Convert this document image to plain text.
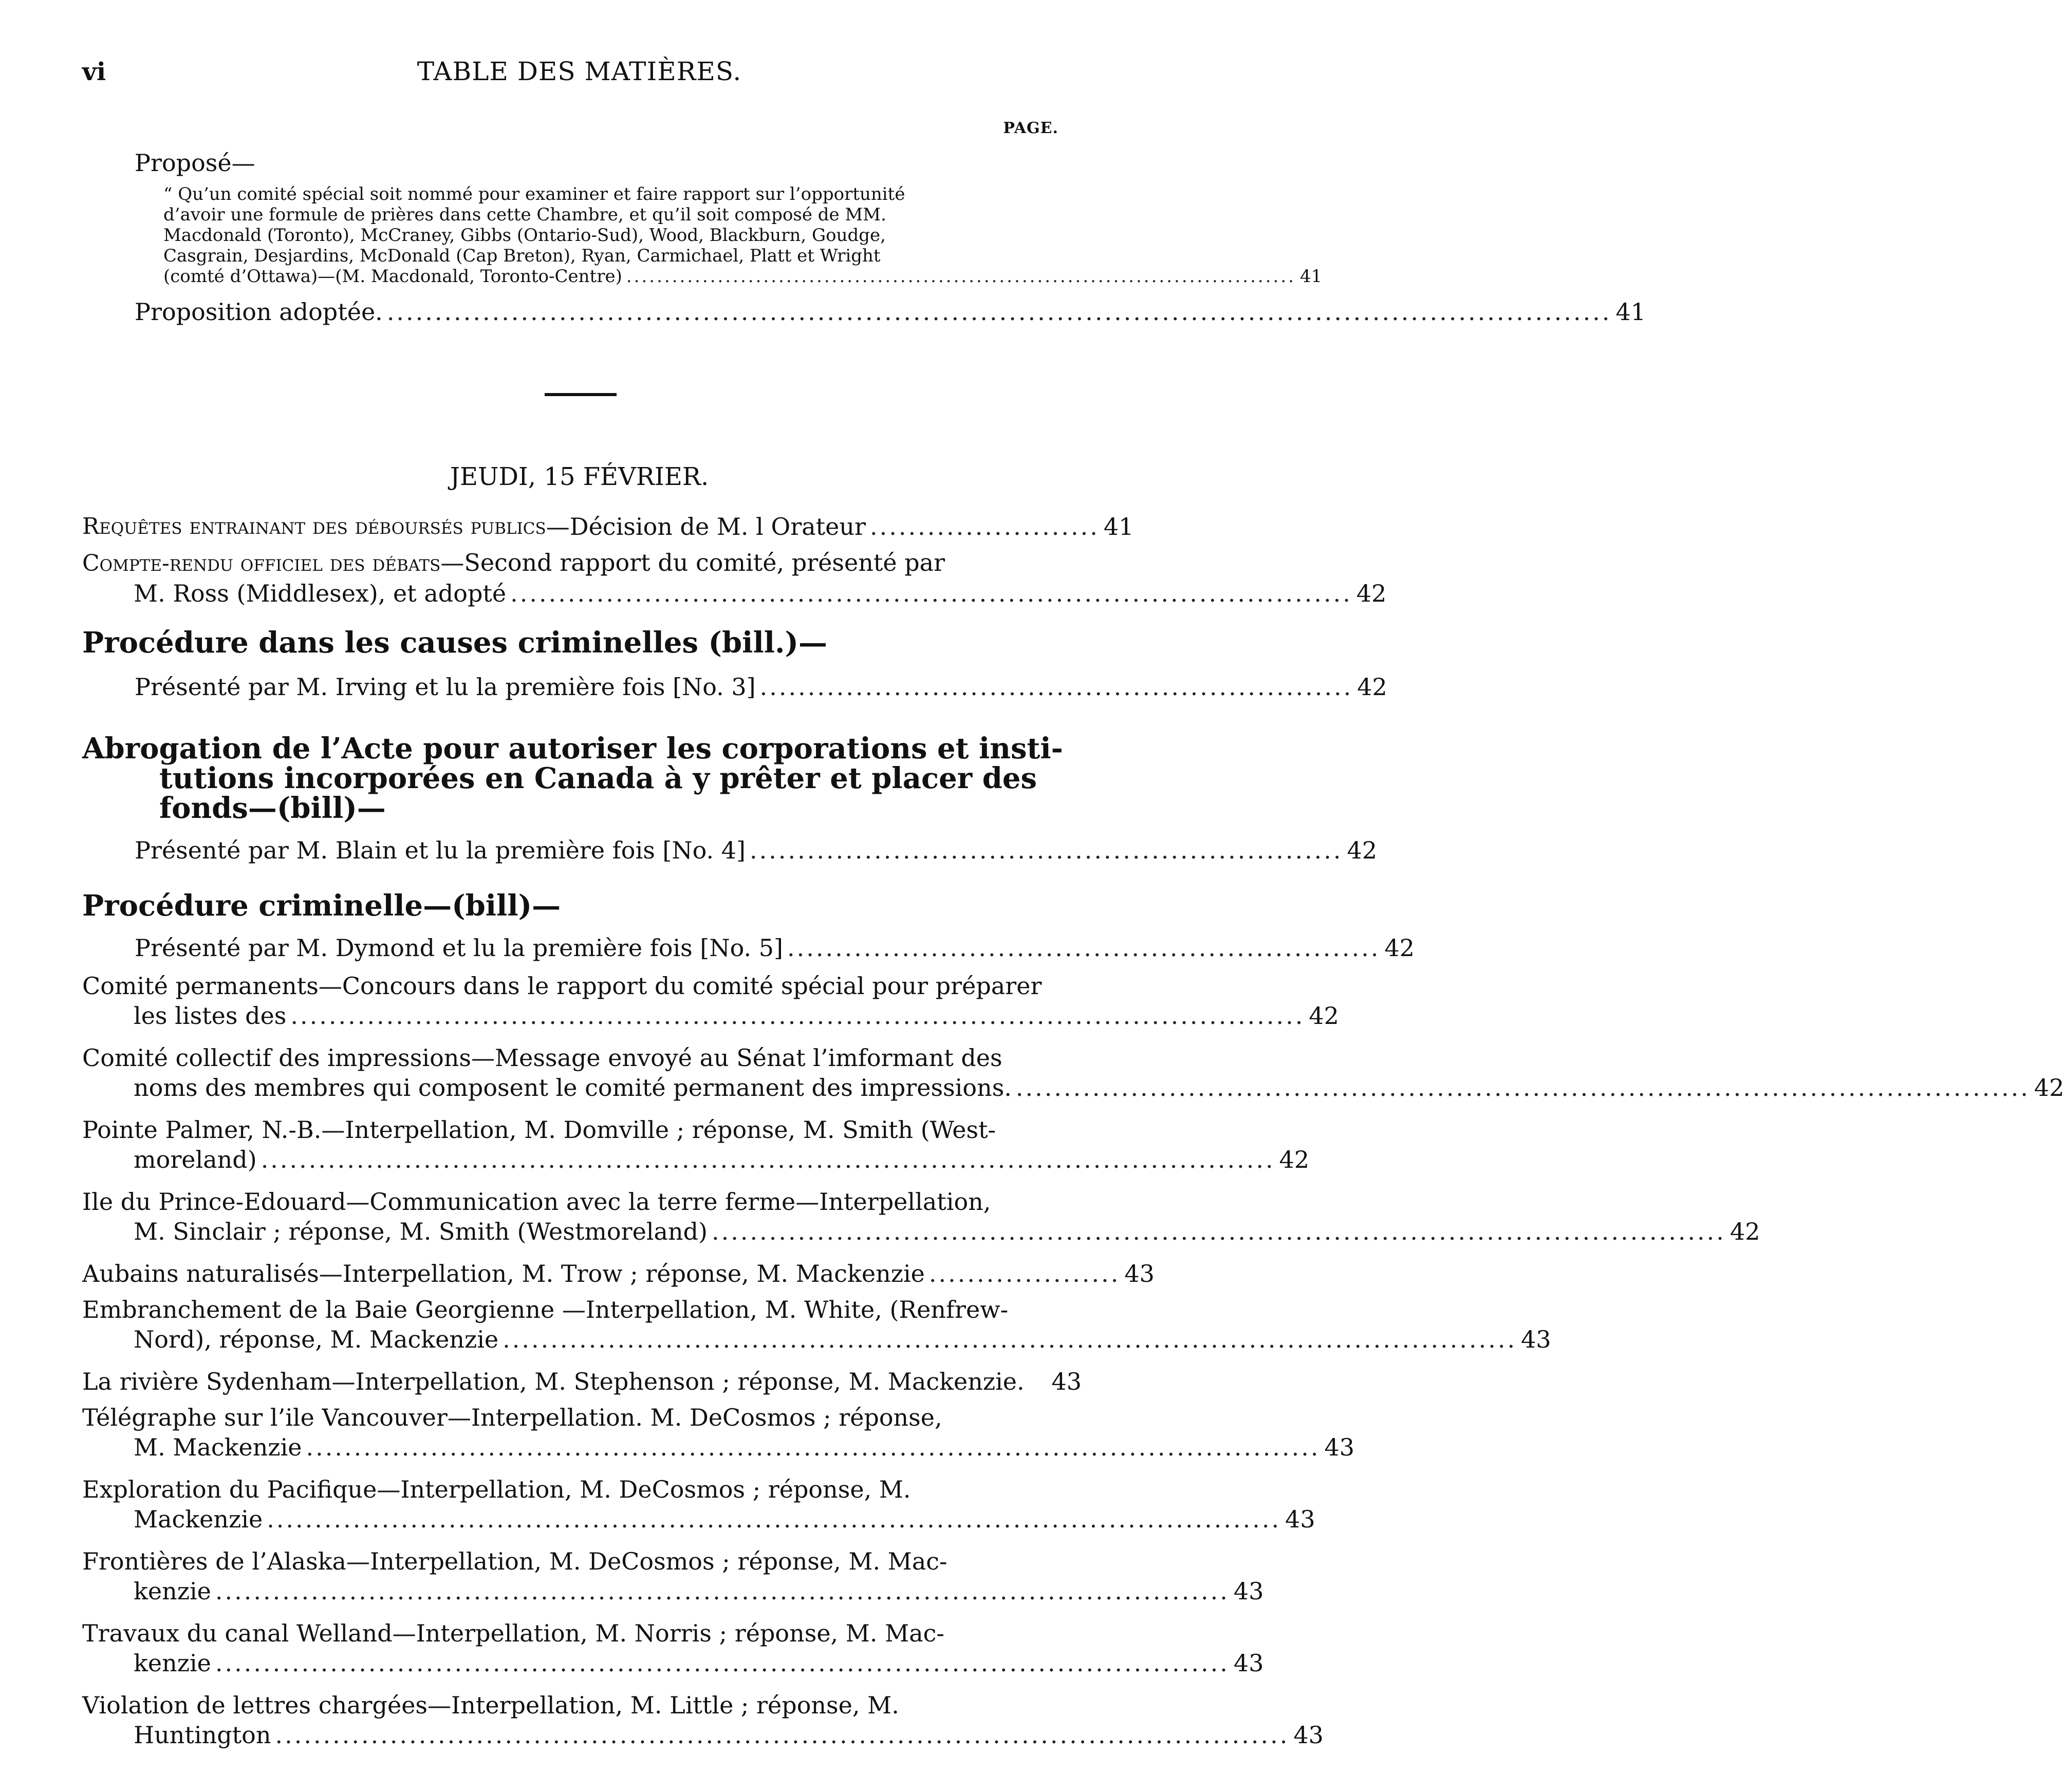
vi	TABLE DES MATIÈRES.
PAGE.
Proposé—
“ Qu’un comité spécial soit nommé pour examiner et faire rapport sur l’opportunité
d’avoir une formule de prières dans cette Chambre, et qu’il soit composé de MM.
Macdonald (Toronto), McCraney, Gibbs (Ontario-Sud), Wood, Blackburn, Goudge,
Casgrain, Desjardins, McDonald (Cap Breton), Ryan, Carmichael, Platt et Wright
(comté d’Ottawa)—(M. Macdonald, Toronto-Centre) ........................................................................................ 41
Proposition adoptée. ................................................................................................................................ 41
JEUDI, 15 FÉVRIER.
Requêtes entrainant des déboursés publics —Décision de M. l Orateur ........................ 41
Compte-rendu officiel des débats—Second rapport du comité, présenté par
M. Ross (Middlesex), et adopté ........................................................................................ 42
Procédure dans les causes criminelles (bill.)—
Présenté par M. Irving et lu la première fois [No. 3] .............................................................. 42
Abrogation de l’Acte pour autoriser les corporations et insti-
tutions incorporées en Canada à y prêter et placer des
fonds—(bill)—
Présenté par M. Blain et lu la première fois [No. 4] .............................................................. 42
Procédure criminelle—(bill)—
Présenté par M. Dymond et lu la première fois [No. 5] .............................................................. 42
Comité permanents—Concours dans le rapport du comité spécial pour préparer
les listes des .......................................................................................................... 42
Comité collectif des impressions—Message envoyé au Sénat l’imformant des
noms des membres qui composent le comité permanent des impressions. .......................................................................................................... 42
Pointe Palmer, N.-B.—Interpellation, M. Domville ; réponse, M. Smith (West-
moreland) .......................................................................................................... 42
Ile du Prince-Edouard—Communication avec la terre ferme—Interpellation,
M. Sinclair ; réponse, M. Smith (Westmoreland) .......................................................................................................... 42
Aubains naturalisés—Interpellation, M. Trow ; réponse, M. Mackenzie .................... 43
Embranchement de la Baie Georgienne —Interpellation, M. White, (Renfrew-
Nord), réponse, M. Mackenzie .......................................................................................................... 43
La rivière Sydenham—Interpellation, M. Stephenson ; réponse, M. Mackenzie.	43
Télégraphe sur l’ile Vancouver—Interpellation. M. DeCosmos ; réponse,
M. Mackenzie .......................................................................................................... 43
Exploration du Pacifique—Interpellation, M. DeCosmos ; réponse, M.
Mackenzie .......................................................................................................... 43
Frontières de l’Alaska—Interpellation, M. DeCosmos ; réponse, M. Mac-
kenzie .......................................................................................................... 43
Travaux du canal Welland—Interpellation, M. Norris ; réponse, M. Mac-
kenzie .......................................................................................................... 43
Violation de lettres chargées—Interpellation, M. Little ; réponse, M.
Huntington .......................................................................................................... 43
